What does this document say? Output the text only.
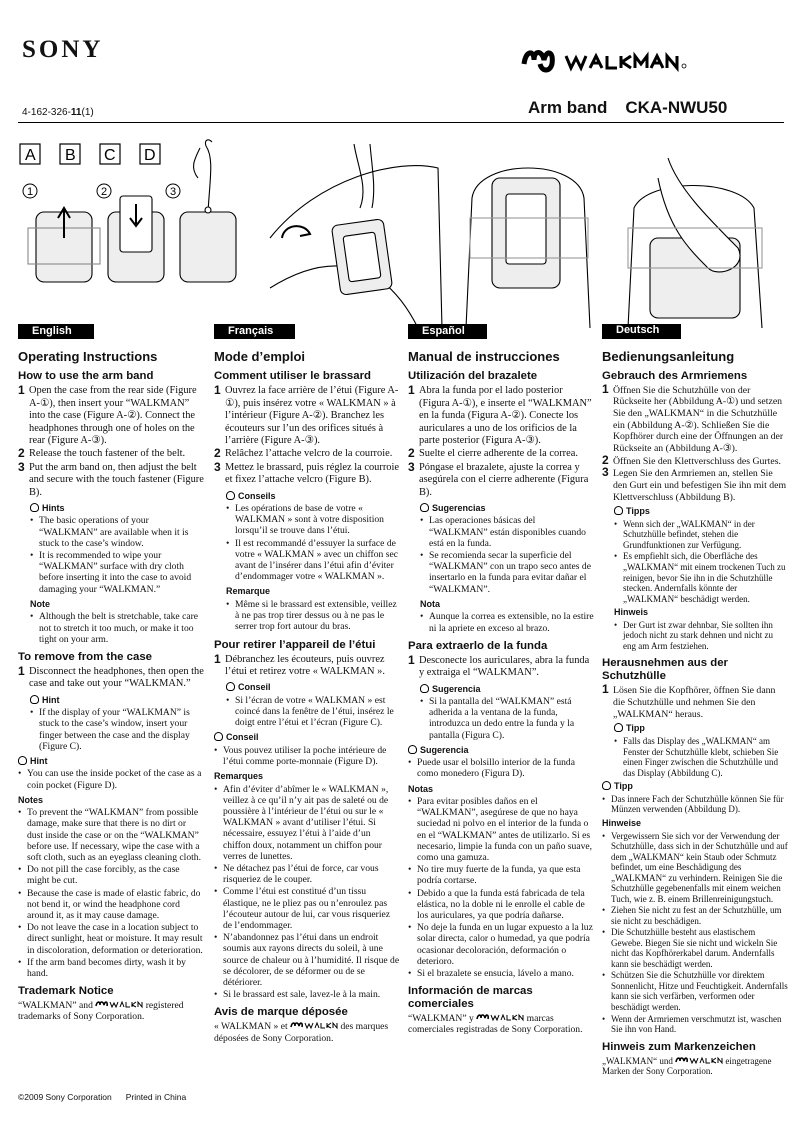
SONY
4-162-326-11(1)	Arm band CKA-NWU50
A B C D
1	2	3
English
Operating Instructions
How to use the arm band
1 Open the case from the rear side (Figure A-①), then insert your “WALKMAN” into the case (Figure A-②). Connect the headphones through one of holes on the rear (Figure A-③).
2 Release the touch fastener of the belt.
3 Put the arm band on, then adjust the belt and secure with the touch fastener (Figure B).
Hints
• The basic operations of your “WALKMAN” are available when it is stuck to the case’s window.
• It is recommended to wipe your “WALKMAN” surface with dry cloth before inserting it into the case to avoid damaging your “WALKMAN.”
Note
• Although the belt is stretchable, take care not to stretch it too much, or make it too tight on your arm.
To remove from the case
1 Disconnect the headphones, then open the case and take out your “WALKMAN.”
Hint
• If the display of your “WALKMAN” is stuck to the case’s window, insert your finger between the case and the display (Figure C).
Hint
• You can use the inside pocket of the case as a coin pocket (Figure D).
Notes
• To prevent the “WALKMAN” from possible damage, make sure that there is no dirt or dust inside the case or on the “WALKMAN” before use. If necessary, wipe the case with a soft cloth, such as an eyeglass cleaning cloth.
• Do not pill the case forcibly, as the case might be cut.
• Because the case is made of elastic fabric, do not bend it, or wind the headphone cord around it, as it may cause damage.
• Do not leave the case in a location subject to direct sunlight, heat or moisture. It may result in discoloration, deformation or deterioration.
• If the arm band becomes dirty, wash it by hand.
Trademark Notice
“WALKMAN” and	registered trademarks of Sony Corporation.
Français
Mode d’emploi
Comment utiliser le brassard
1 Ouvrez la face arrière de l’étui (Figure A-①), puis insérez votre « WALKMAN » à l’intérieur (Figure A-②). Branchez les écouteurs sur l’un des orifices situés à l’arrière (Figure A-③).
2 Relâchez l’attache velcro de la courroie.
3 Mettez le brassard, puis réglez la courroie et fixez l’attache velcro (Figure B).
Conseils
• Les opérations de base de votre « WALKMAN » sont à votre disposition lorsqu’il se trouve dans l’étui.
• Il est recommandé d’essuyer la surface de votre « WALKMAN » avec un chiffon sec avant de l’insérer dans l’étui afin d’éviter d’endommager votre « WALKMAN ».
Remarque
• Même si le brassard est extensible, veillez à ne pas trop tirer dessus ou à ne pas le serrer trop fort autour du bras.
Pour retirer l’appareil de l’étui
1 Débranchez les écouteurs, puis ouvrez l’étui et retirez votre « WALKMAN ».
Conseil
• Si l’écran de votre « WALKMAN » est coincé dans la fenêtre de l’étui, insérez le doigt entre l’étui et l’écran (Figure C).
Conseil
• Vous pouvez utiliser la poche intérieure de l’étui comme porte-monnaie (Figure D).
Remarques
• Afin d’éviter d’abîmer le « WALKMAN », veillez à ce qu’il n’y ait pas de saleté ou de poussière à l’intérieur de l’étui ou sur le « WALKMAN » avant d’utiliser l’étui. Si nécessaire, essuyez l’étui à l’aide d’un chiffon doux, notamment un chiffon pour verres de lunettes.
• Ne détachez pas l’étui de force, car vous risqueriez de le couper.
• Comme l’étui est constitué d’un tissu élastique, ne le pliez pas ou n’enroulez pas l’écouteur autour de lui, car vous risqueriez de l’endommager.
• N’abandonnez pas l’étui dans un endroit soumis aux rayons directs du soleil, à une source de chaleur ou à l’humidité. Il risque de se décolorer, de se déformer ou de se détériorer.
• Si le brassard est sale, lavez-le à la main.
Avis de marque déposée
« WALKMAN » et	des marques déposées de Sony Corporation.
Español
Manual de instrucciones
Utilización del brazalete
1 Abra la funda por el lado posterior (Figura A-①), e inserte el “WALKMAN” en la funda (Figura A-②). Conecte los auriculares a uno de los orificios de la parte posterior (Figura A-③).
2 Suelte el cierre adherente de la correa.
3 Póngase el brazalete, ajuste la correa y asegúrela con el cierre adherente (Figura B).
Sugerencias
• Las operaciones básicas del “WALKMAN” están disponibles cuando está en la funda.
• Se recomienda secar la superficie del “WALKMAN” con un trapo seco antes de insertarlo en la funda para evitar dañar el “WALKMAN”.
Nota
• Aunque la correa es extensible, no la estire ni la apriete en exceso al brazo.
Para extraerlo de la funda
1 Desconecte los auriculares, abra la funda y extraiga el “WALKMAN”.
Sugerencia
• Si la pantalla del “WALKMAN” está adherida a la ventana de la funda, introduzca un dedo entre la funda y la pantalla (Figura C).
Sugerencia
• Puede usar el bolsillo interior de la funda como monedero (Figura D).
Notas
• Para evitar posibles daños en el “WALKMAN”, asegúrese de que no haya suciedad ni polvo en el interior de la funda o en el “WALKMAN” antes de utilizarlo. Si es necesario, limpie la funda con un paño suave, como una gamuza.
• No tire muy fuerte de la funda, ya que esta podría cortarse.
• Debido a que la funda está fabricada de tela elástica, no la doble ni le enrolle el cable de los auriculares, ya que podría dañarse.
• No deje la funda en un lugar expuesto a la luz solar directa, calor o humedad, ya que podría ocasionar decoloración, deformación o deterioro.
• Si el brazalete se ensucia, lávelo a mano.
Información de marcas comerciales
“WALKMAN” y	marcas comerciales registradas de Sony Corporation.
Deutsch
Bedienungsanleitung
Gebrauch des Armriemens
1 Öffnen Sie die Schutzhülle von der Rückseite her (Abbildung A-①) und setzen Sie den „WALKMAN“ in die Schutzhülle ein (Abbildung A-②). Schließen Sie die Kopfhörer durch eine der Öffnungen an der Rückseite an (Abbildung A-③).
2 Öffnen Sie den Klettverschluss des Gurtes.
3 Legen Sie den Armriemen an, stellen Sie den Gurt ein und befestigen Sie ihn mit dem Klettverschluss (Abbildung B).
Tipps
• Wenn sich der „WALKMAN“ in der Schutzhülle befindet, stehen die Grundfunktionen zur Verfügung.
• Es empfiehlt sich, die Oberfläche des „WALKMAN“ mit einem trockenen Tuch zu reinigen, bevor Sie ihn in die Schutzhülle stecken. Andernfalls könnte der „WALKMAN“ beschädigt werden.
Hinweis
• Der Gurt ist zwar dehnbar, Sie sollten ihn jedoch nicht zu stark dehnen und nicht zu eng am Arm festziehen.
Herausnehmen aus der Schutzhülle
1 Lösen Sie die Kopfhörer, öffnen Sie dann die Schutzhülle und nehmen Sie den „WALKMAN“ heraus.
Tipp
• Falls das Display des „WALKMAN“ am Fenster der Schutzhülle klebt, schieben Sie einen Finger zwischen die Schutzhülle und das Display (Abbildung C).
Tipp
• Das innere Fach der Schutzhülle können Sie für Münzen verwenden (Abbildung D).
Hinweise
• Vergewissern Sie sich vor der Verwendung der Schutzhülle, dass sich in der Schutzhülle und auf dem „WALKMAN“ kein Staub oder Schmutz befindet, um eine Beschädigung des „WALKMAN“ zu verhindern. Reinigen Sie die Schutzhülle gegebenenfalls mit einem weichen Tuch, wie z. B. einem Brillenreinigungstuch.
• Ziehen Sie nicht zu fest an der Schutzhülle, um sie nicht zu beschädigen.
• Die Schutzhülle besteht aus elastischem Gewebe. Biegen Sie sie nicht und wickeln Sie nicht das Kopfhörerkabel darum. Andernfalls kann sie beschädigt werden.
• Schützen Sie die Schutzhülle vor direktem Sonnenlicht, Hitze und Feuchtigkeit. Andernfalls kann sie sich verfärben, verformen oder beschädigt werden.
• Wenn der Armriemen verschmutzt ist, waschen Sie ihn von Hand.
Hinweis zum Markenzeichen
„WALKMAN“ und	eingetragene Marken der Sony Corporation.
©2009 Sony Corporation Printed in China
